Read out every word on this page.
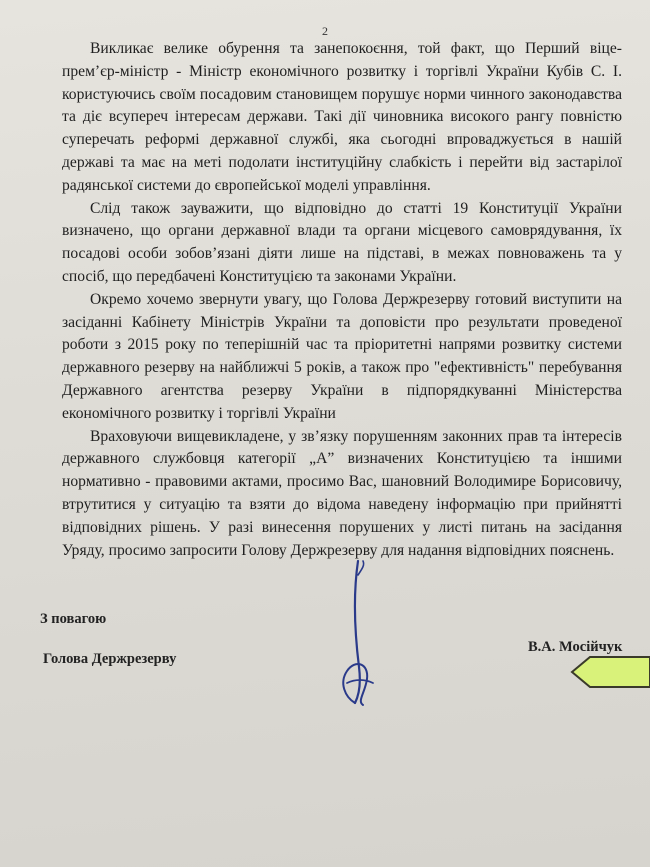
2

Викликає велике обурення та занепокоєння, той факт, що Перший віце-прем’єр-міністр - Міністр економічного розвитку і торгівлі України Кубів С. І. користуючись своїм посадовим становищем порушує норми чинного законодавства та діє всупереч інтересам держави. Такі дії чиновника високого рангу повністю суперечать реформі державної службі, яка сьогодні впроваджується в нашій державі та має на меті подолати інституційну слабкість і перейти від застарілої радянської системи до європейської моделі управління.

Слід також зауважити, що відповідно до статті 19 Конституції України визначено, що органи державної влади та органи місцевого самоврядування, їх посадові особи зобов’язані діяти лише на підставі, в межах повноважень та у спосіб, що передбачені Конституцією та законами України.

Окремо хочемо звернути увагу, що Голова Держрезерву готовий виступити на засіданні Кабінету Міністрів України та доповісти про результати проведеної роботи з 2015 року по теперішній час та пріоритетні напрями розвитку системи державного резерву на найближчі 5 років, а також про "ефективність" перебування Державного агентства резерву України в підпорядкуванні Міністерства економічного розвитку і торгівлі України

Враховуючи вищевикладене, у зв’язку порушенням законних прав та інтересів державного службовця категорії „А” визначених Конституцією та іншими нормативно - правовими актами, просимо Вас, шановний Володимире Борисовичу, втрутитися у ситуацію та взяти до відома наведену інформацію при прийнятті відповідних рішень. У разі винесення порушених у листі питань на засідання Уряду, просимо запросити Голову Держрезерву для надання відповідних пояснень.

З повагою
Голова Держрезерву
В.А. Мосійчук
